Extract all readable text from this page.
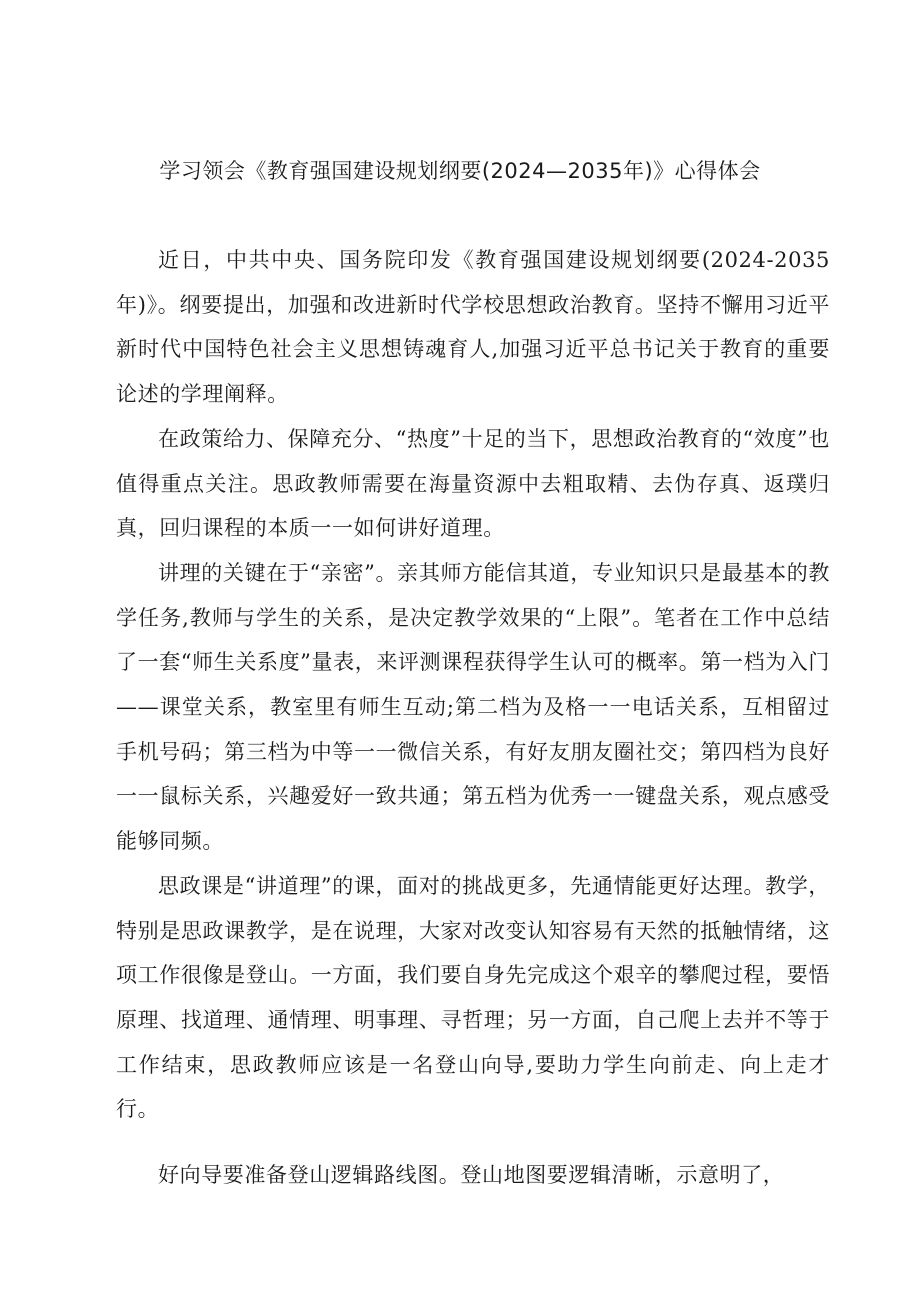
学习领会《教育强国建设规划纲要(2024—2035年)》心得体会

近日，中共中央、国务院印发《教育强国建设规划纲要(2024-2035年)》。纲要提出，加强和改进新时代学校思想政治教育。坚持不懈用习近平新时代中国特色社会主义思想铸魂育人,加强习近平总书记关于教育的重要论述的学理阐释。

在政策给力、保障充分、“热度”十足的当下，思想政治教育的“效度”也值得重点关注。思政教师需要在海量资源中去粗取精、去伪存真、返璞归真，回归课程的本质一一如何讲好道理。

讲理的关键在于“亲密”。亲其师方能信其道，专业知识只是最基本的教学任务,教师与学生的关系，是决定教学效果的“上限”。笔者在工作中总结了一套“师生关系度”量表，来评测课程获得学生认可的概率。第一档为入门——课堂关系，教室里有师生互动;第二档为及格一一电话关系，互相留过手机号码；第三档为中等一一微信关系，有好友朋友圈社交；第四档为良好一一鼠标关系，兴趣爱好一致共通；第五档为优秀一一键盘关系，观点感受能够同频。

思政课是“讲道理”的课，面对的挑战更多，先通情能更好达理。教学，特别是思政课教学，是在说理，大家对改变认知容易有天然的抵触情绪，这项工作很像是登山。一方面，我们要自身先完成这个艰辛的攀爬过程，要悟原理、找道理、通情理、明事理、寻哲理；另一方面，自己爬上去并不等于工作结束，思政教师应该是一名登山向导,要助力学生向前走、向上走才行。

好向导要准备登山逻辑路线图。登山地图要逻辑清晰，示意明了，
